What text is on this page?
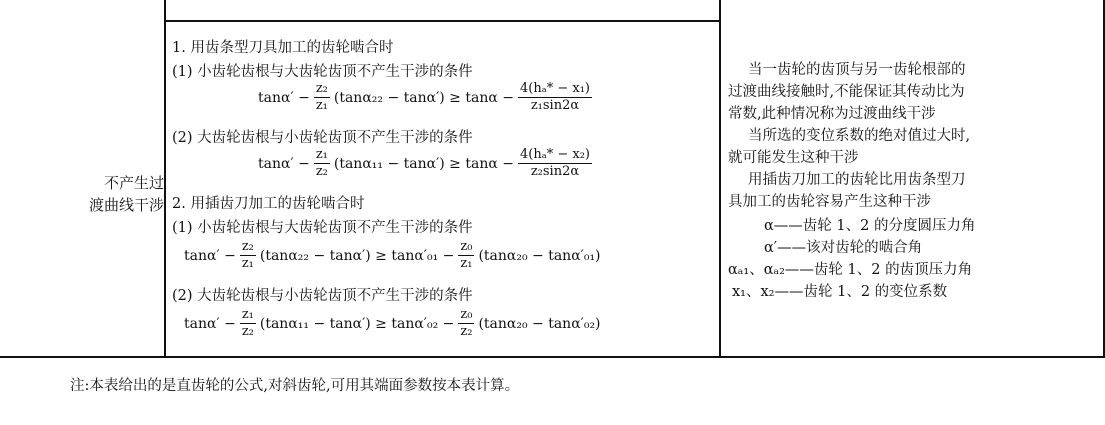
不产生过
渡曲线干涉
1. 用齿条型刀具加工的齿轮啮合时
(1) 小齿轮齿根与大齿轮齿顶不产生干涉的条件
$\tan\alpha' - \frac{\text{z₂}}{\text{z₁}} (\tan\alpha_{22} - \tan\alpha') \ge \tan\alpha - \frac{\text{4(hₐ* − x₁)}}{\text{z₁sin2α}}$
(2) 大齿轮齿根与小齿轮齿顶不产生干涉的条件
$\tan\alpha' - \frac{\text{z₁}}{\text{z₂}} (\tan\alpha_{11} - \tan\alpha') \ge \tan\alpha - \frac{\text{4(hₐ* − x₂)}}{\text{z₂sin2α}}$
2. 用插齿刀加工的齿轮啮合时
(1) 小齿轮齿根与大齿轮齿顶不产生干涉的条件
$\tan\alpha' - \frac{\text{z₂}}{\text{z₁}} (\tan\alpha_{22} - \tan\alpha') \ge \tan\alpha'_{01} - \frac{\text{z₀}}{\text{z₁}} (\tan\alpha_{20} - \tan\alpha'_{01})$
(2) 大齿轮齿根与小齿轮齿顶不产生干涉的条件
$\tan\alpha' - \frac{\text{z₁}}{\text{z₂}} (\tan\alpha_{11} - \tan\alpha') \ge \tan\alpha'_{02} - \frac{\text{z₀}}{\text{z₂}} (\tan\alpha_{20} - \tan\alpha'_{02})$
当一齿轮的齿顶与另一齿轮根部的
过渡曲线接触时,不能保证其传动比为
常数,此种情况称为过渡曲线干涉
当所选的变位系数的绝对值过大时,
就可能发生这种干涉
用插齿刀加工的齿轮比用齿条型刀
具加工的齿轮容易产生这种干涉
α——齿轮 1、2 的分度圆压力角
α′——该对齿轮的啮合角
αₐ₁、αₐ₂——齿轮 1、2 的齿顶压力角
x₁、x₂——齿轮 1、2 的变位系数
注:本表给出的是直齿轮的公式,对斜齿轮,可用其端面参数按本表计算。
